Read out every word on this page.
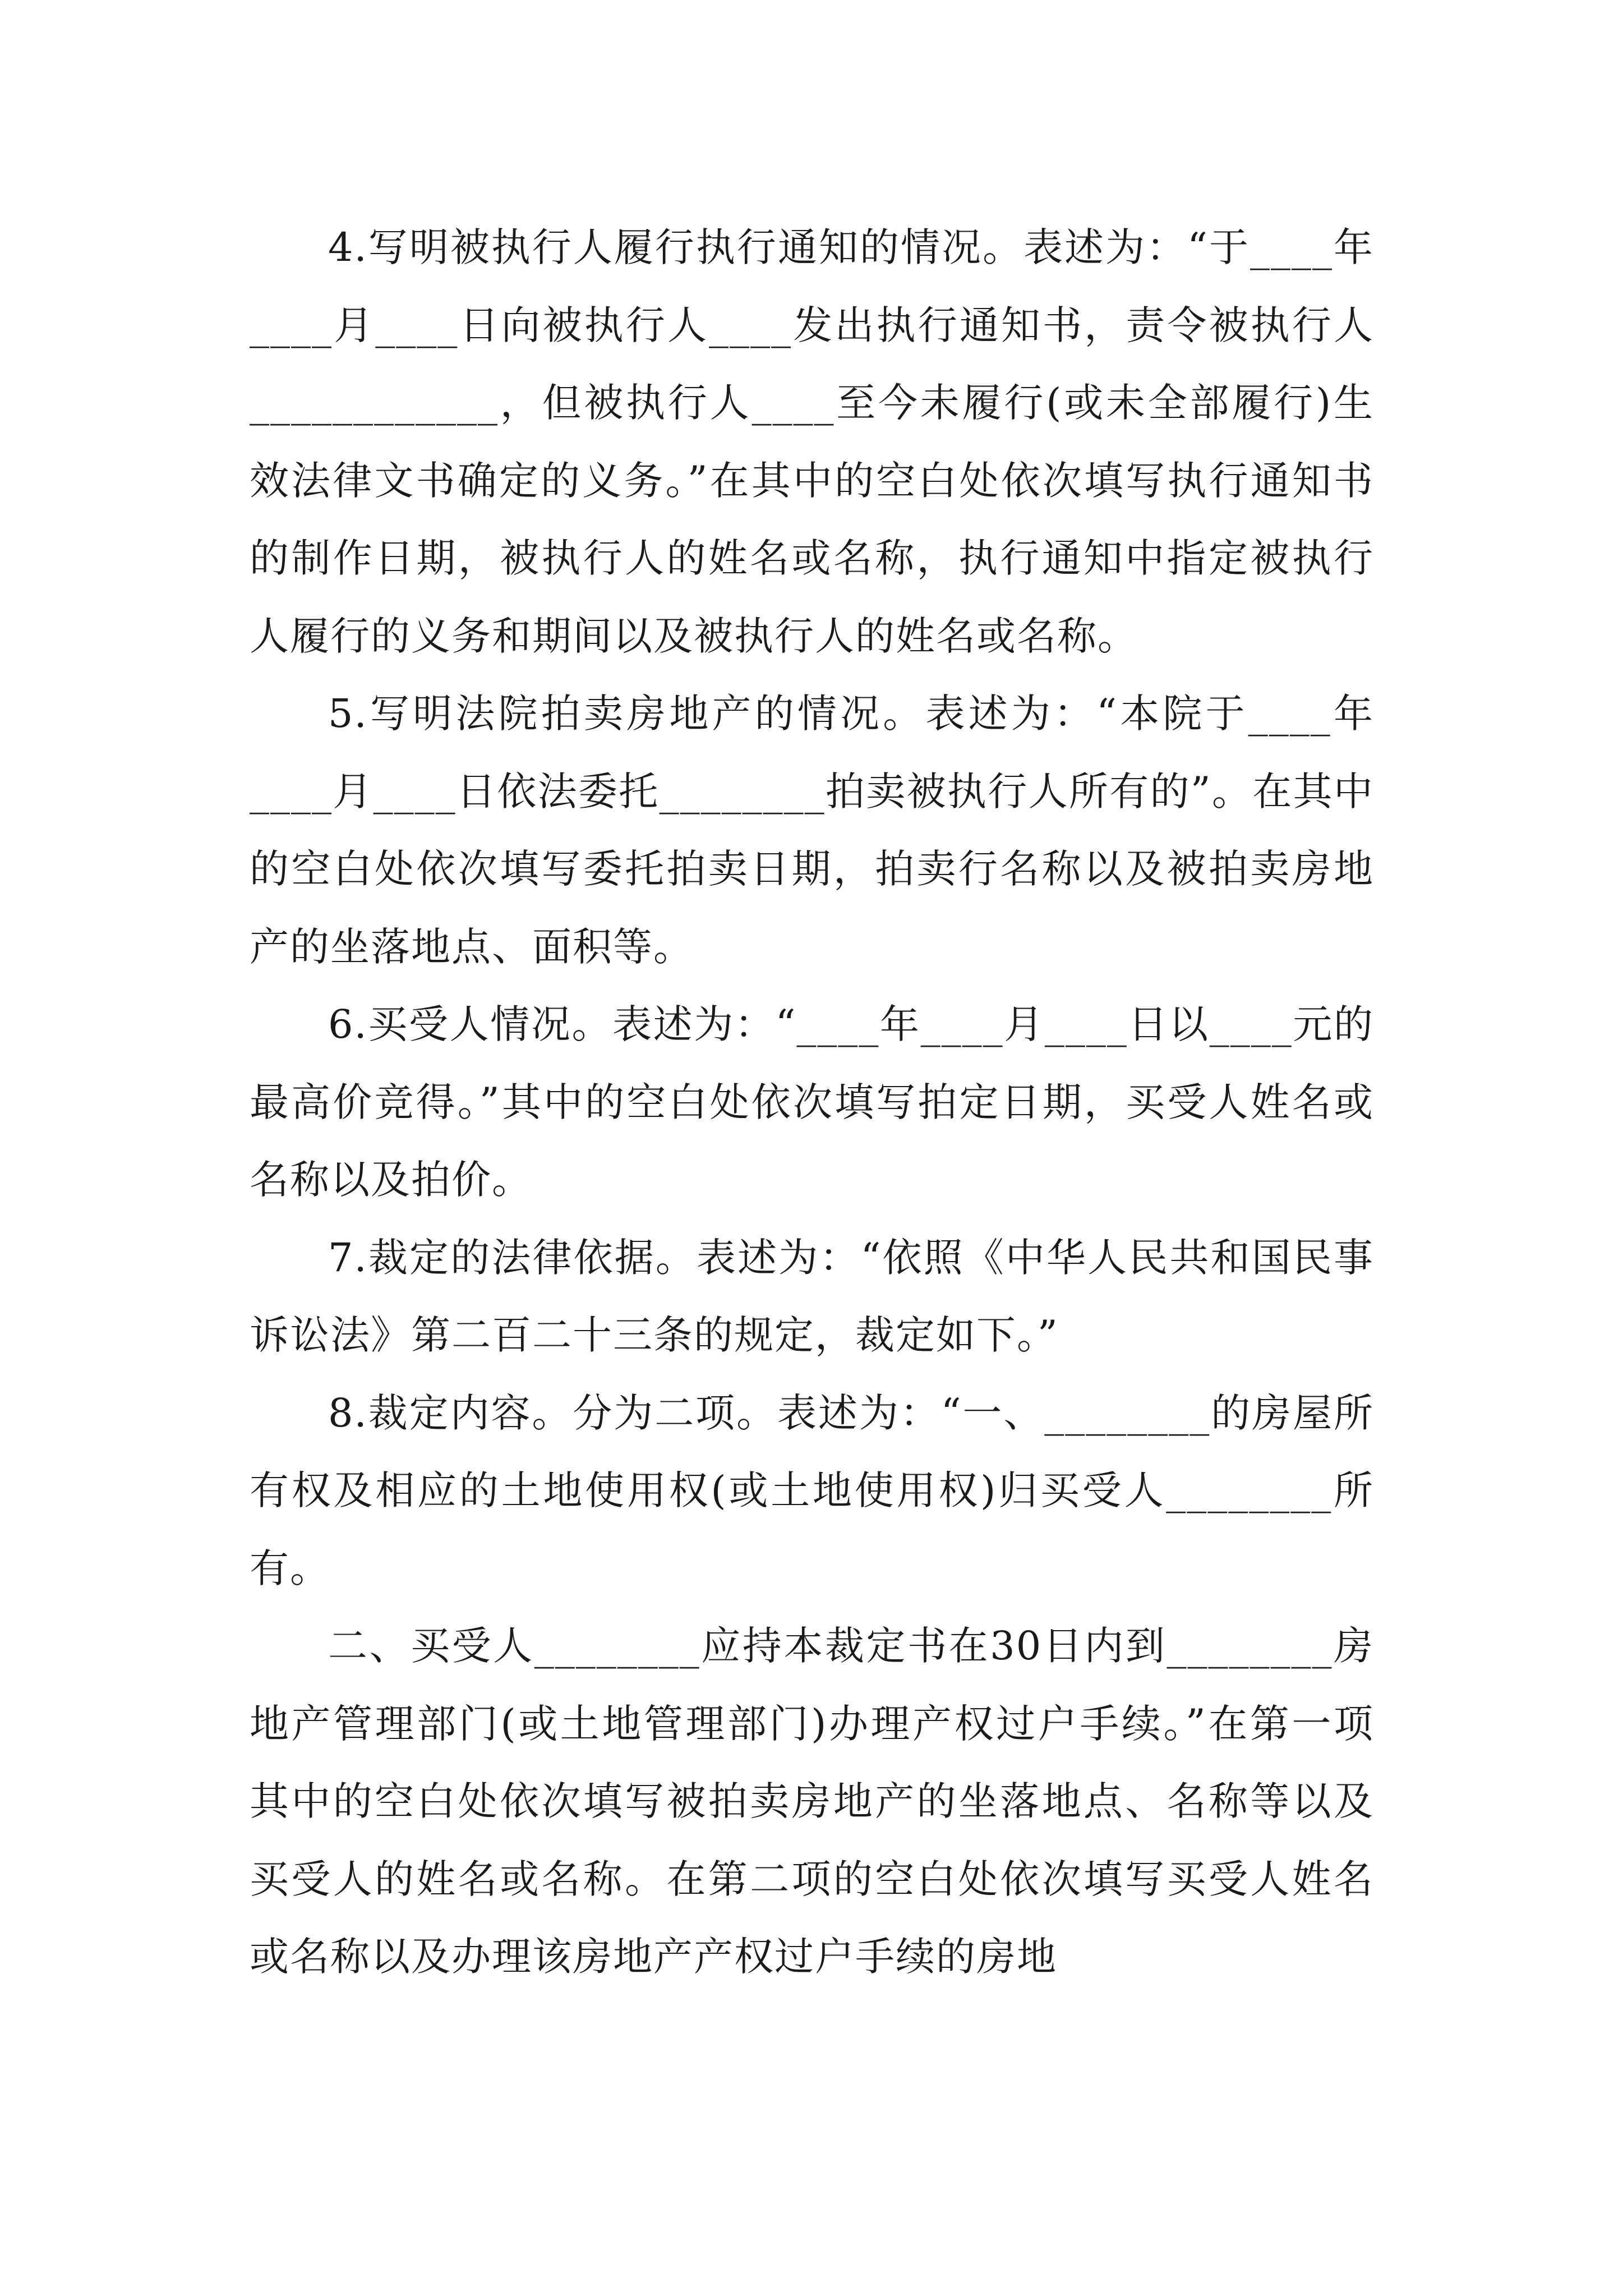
4.写明被执行人履行执行通知的情况。表述为：“于____年____月____日向被执行人____发出执行通知书，责令被执行人____________，但被执行人____至今未履行(或未全部履行)生效法律文书确定的义务。”在其中的空白处依次填写执行通知书的制作日期，被执行人的姓名或名称，执行通知中指定被执行人履行的义务和期间以及被执行人的姓名或名称。

5.写明法院拍卖房地产的情况。表述为：“本院于____年____月____日依法委托________拍卖被执行人所有的”。在其中的空白处依次填写委托拍卖日期，拍卖行名称以及被拍卖房地产的坐落地点、面积等。

6.买受人情况。表述为：“____年____月____日以____元的最高价竞得。”其中的空白处依次填写拍定日期，买受人姓名或名称以及拍价。

7.裁定的法律依据。表述为：“依照《中华人民共和国民事诉讼法》第二百二十三条的规定，裁定如下。”

8.裁定内容。分为二项。表述为：“一、________的房屋所有权及相应的土地使用权(或土地使用权)归买受人________所有。

二、买受人________应持本裁定书在30日内到________房地产管理部门(或土地管理部门)办理产权过户手续。”在第一项其中的空白处依次填写被拍卖房地产的坐落地点、名称等以及买受人的姓名或名称。在第二项的空白处依次填写买受人姓名或名称以及办理该房地产产权过户手续的房地
